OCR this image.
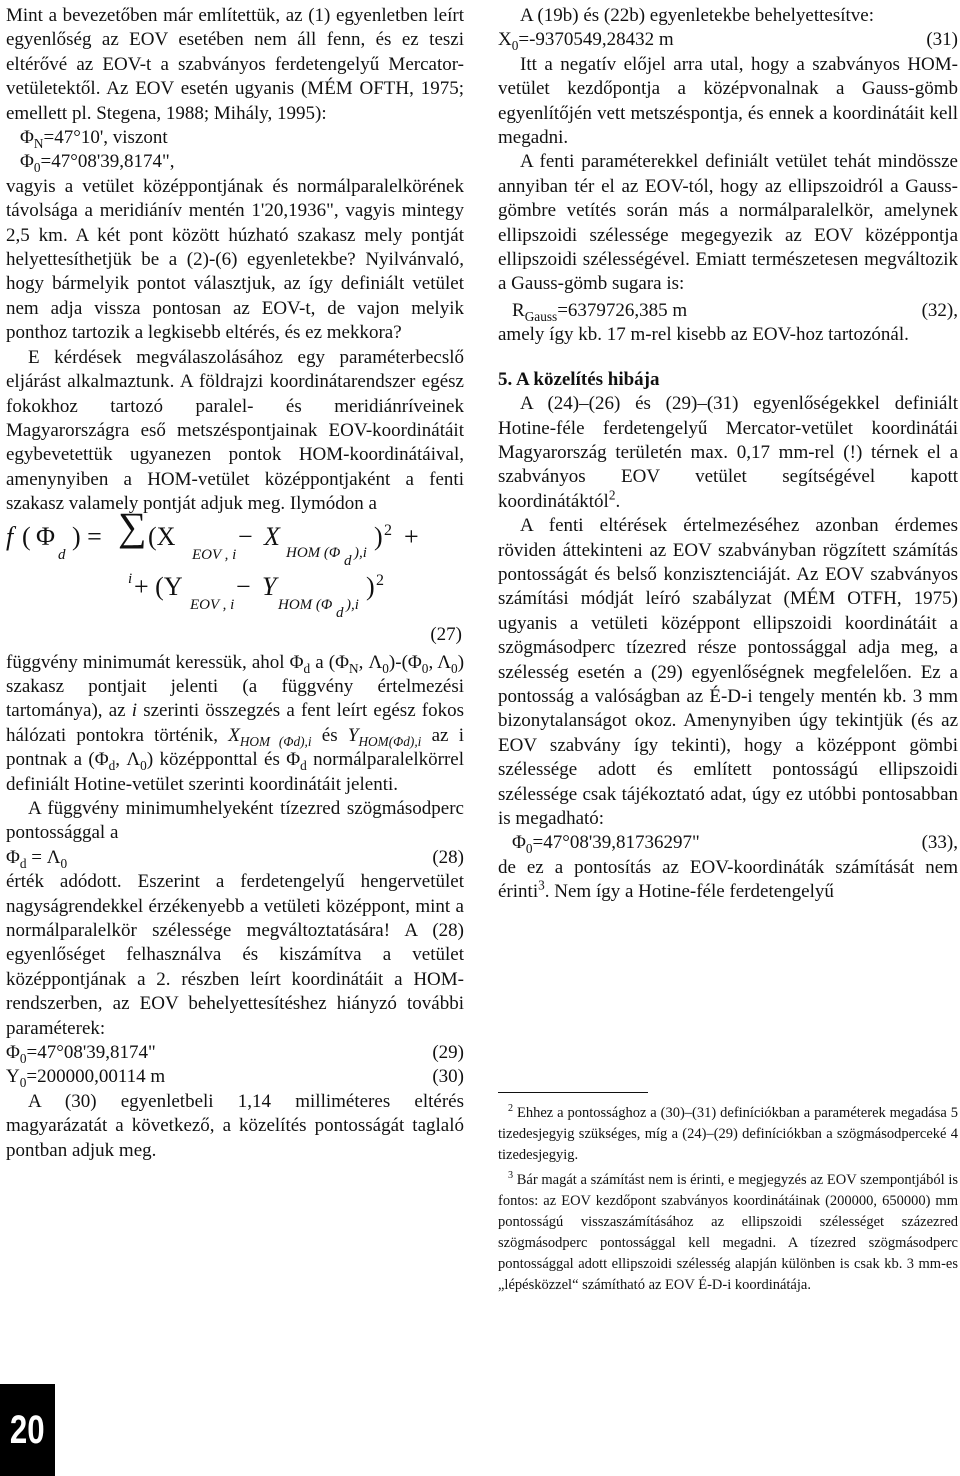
Mint a bevezetőben már említettük, az (1) egyenletben leírt egyenlőség az EOV esetében nem áll fenn, és ez teszi eltérővé az EOV-t a szabványos ferdetengelyű Mercator-vetületektől. Az EOV esetén ugyanis (MÉM OFTH, 1975; emellett pl. Stegena, 1988; Mihály, 1995):

$\Phi_N=47^\circ 10'$, viszont

$\Phi_0=47^\circ 08'39,8174$",

vagyis a vetület középpontjának és normálparalelkörének távolsága a meridiánív mentén 1'20,1936", vagyis mintegy 2,5 km. A két pont között húzható szakasz mely pontját helyettesíthetjük be a (2)-(6) egyenletekbe? Nyilvánvaló, hogy bármelyik pontot választjuk, az így definiált vetület nem adja vissza pontosan az EOV-t, de vajon melyik ponthoz tartozik a legkisebb eltérés, és ez mekkora?

E kérdések megválaszolásához egy paraméterbecslő eljárást alkalmaztunk. A földrajzi koordinátarendszer egész fokokhoz tartozó paralel- és meridiánríveinek Magyarországra eső metszéspontjainak EOV-koordinátáit egybevetettük ugyanezen pontok HOM-koordinátáival, amenynyiben a HOM-vetület középpontjaként a fenti szakasz valamely pontját adjuk meg. Ilymódon a

f ( Φ
d
) = ∑
i
(X
EOV , i
− X
HOM (Φ d ),i
) 2 +
+ (Y
EOV , i
− Y
HOM (Φ d ),i
) 2
(27)

függvény minimumát keressük, ahol $\Phi_d$ a ($\Phi_N$, $\Lambda_0)-(\Phi_0$, $\Lambda_0$) szakasz pontjait jelenti (a függvény értelmezési tartománya), az i szerinti összegzés a fent leírt egész fokos hálózati pontokra történik, $X_{HOM (\Phi d),i}$ és $Y_{HOM(\Phi d),i}$ az i pontnak a ($\Phi_d$, $\Lambda_0$) középponttal és $\Phi_d$ normálparalelkörrel definiált Hotine-vetület szerinti koordinátáit jelenti.

A függvény minimumhelyeként tízezred szögmásodperc pontossággal a

$\Phi_d = \Lambda_0$	(28)

érték adódott. Eszerint a ferdetengelyű hengervetület nagyságrendekkel érzékenyebb a vetületi középpont, mint a normálparalelkör szélessége megváltoztatására! A (28) egyenlőséget felhasználva és kiszámítva a vetület középpontjának a 2. részben leírt koordinátáit a HOM-rendszerben, az EOV behelyettesítéshez hiányzó további paraméterek:

$\Phi_0=47^\circ 08'39,8174$"	(29)
$Y_0=200000,00114$ m	(30)

A (30) egyenletbeli 1,14 milliméteres eltérés magyarázatát a következő, a közelítés pontosságát taglaló pontban adjuk meg.

A (19b) és (22b) egyenletekbe behelyettesítve:

$X_0=-9370549,28432$ m	(31)

Itt a negatív előjel arra utal, hogy a szabványos HOM-vetület kezdőpontja a középvonalnak a Gauss-gömb egyenlítőjén vett metszéspontja, és ennek a koordinátáit kell megadni.

A fenti paraméterekkel definiált vetület tehát mindössze annyiban tér el az EOV-tól, hogy az ellipszoidról a Gauss-gömbre vetítés során más a normálparalelkör, amelynek ellipszoidi szélessége megegyezik az EOV középpontja ellipszoidi szélességével. Emiatt természetesen megváltozik a Gauss-gömb sugara is:

$R_{Gauss}=6379726,385$ m	(32),

amely így kb. 17 m-rel kisebb az EOV-hoz tartozónál.

5. A közelítés hibája

A (24)–(26) és (29)–(31) egyenlőségekkel definiált Hotine-féle ferdetengelyű Mercator-vetület koordinátái Magyarország területén max. 0,17 mm-rel (!) térnek el a szabványos EOV vetület segítségével kapott koordinátáktól$^2$.

A fenti eltérések értelmezéséhez azonban érdemes röviden áttekinteni az EOV szabványban rögzített számítás pontosságát és belső konzisztenciáját. Az EOV szabványos számítási módját leíró szabályzat (MÉM OTFH, 1975) ugyanis a vetületi középpont ellipszoidi koordinátáit a szögmásodperc tízezred része pontossággal adja meg, a szélesség esetén a (29) egyenlőségnek megfelelően. Ez a pontosság a valóságban az É-D-i tengely mentén kb. 3 mm bizonytalanságot okoz. Amenynyiben úgy tekintjük (és az EOV szabvány így tekinti), hogy a középpont gömbi szélessége adott és említett pontosságú ellipszoidi szélessége csak tájékoztató adat, úgy ez utóbbi pontosabban is megadható:

$\Phi_0=47^\circ 08'39,81736297$"	(33),

de ez a pontosítás az EOV-koordináták számítását nem érinti$^3$. Nem így a Hotine-féle ferdetengelyű

$^2$ Ehhez a pontossághoz a (30)–(31) definíciókban a paraméterek megadása 5 tizedesjegyig szükséges, míg a (24)–(29) definíciókban a szögmásodperceké 4 tizedesjegyig.

$^3$ Bár magát a számítást nem is érinti, e megjegyzés az EOV szempontjából is fontos: az EOV kezdőpont szabványos koordinátáinak (200000, 650000) mm pontosságú visszaszámításához az ellipszoidi szélességet százezred szögmásodperc pontossággal kell megadni. A tízezred szögmásodperc pontossággal adott ellipszoidi szélesség alapján különben is csak kb. 3 mm-es „lépésközzel“ számítható az EOV É-D-i koordinátája.

20
